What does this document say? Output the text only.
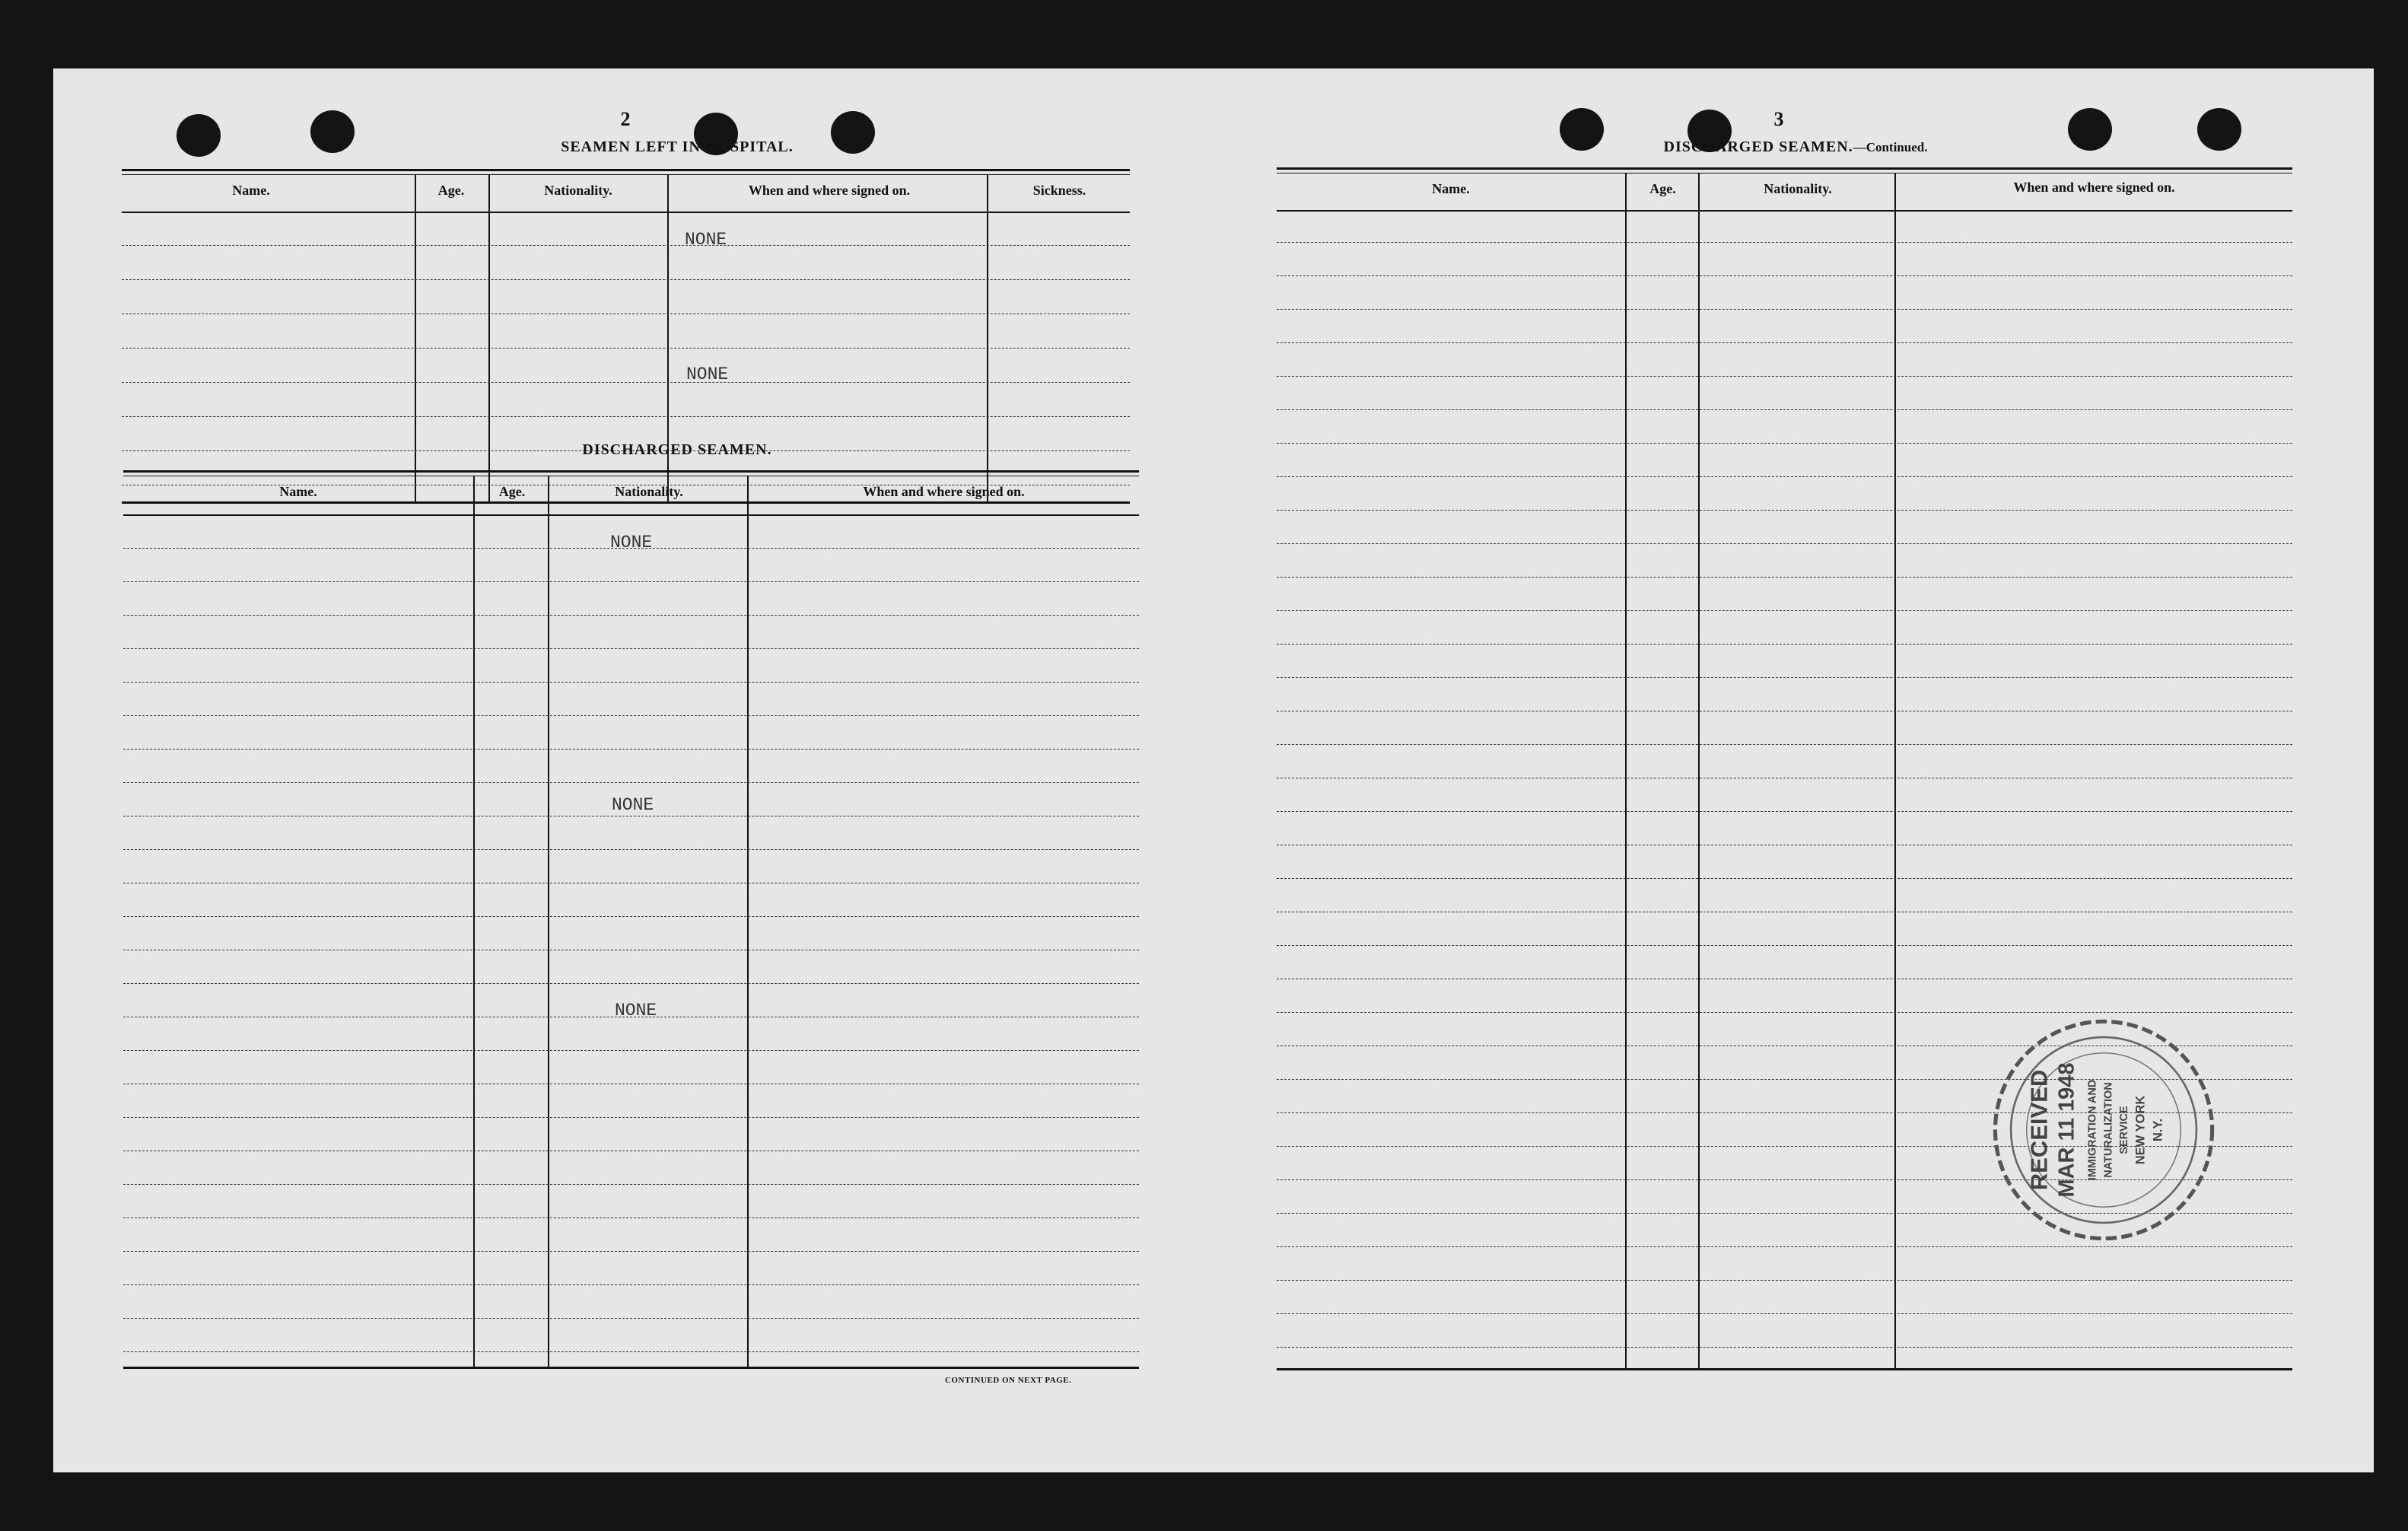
2
SEAMEN LEFT IN HOSPITAL.
Name.	Age.	Nationality.	When and where signed on.	Sickness.
NONE
NONE
DISCHARGED SEAMEN.
Name.	Age.	Nationality.	When and where signed on.
NONE
NONE
NONE
CONTINUED ON NEXT PAGE.
3
DISCHARGED SEAMEN.—Continued.
Name.	Age.	Nationality.	When and where signed on.
RECEIVED MAR 11 1948 IMMIGRATION AND NATURALIZATION SERVICE NEW YORK N.Y.
